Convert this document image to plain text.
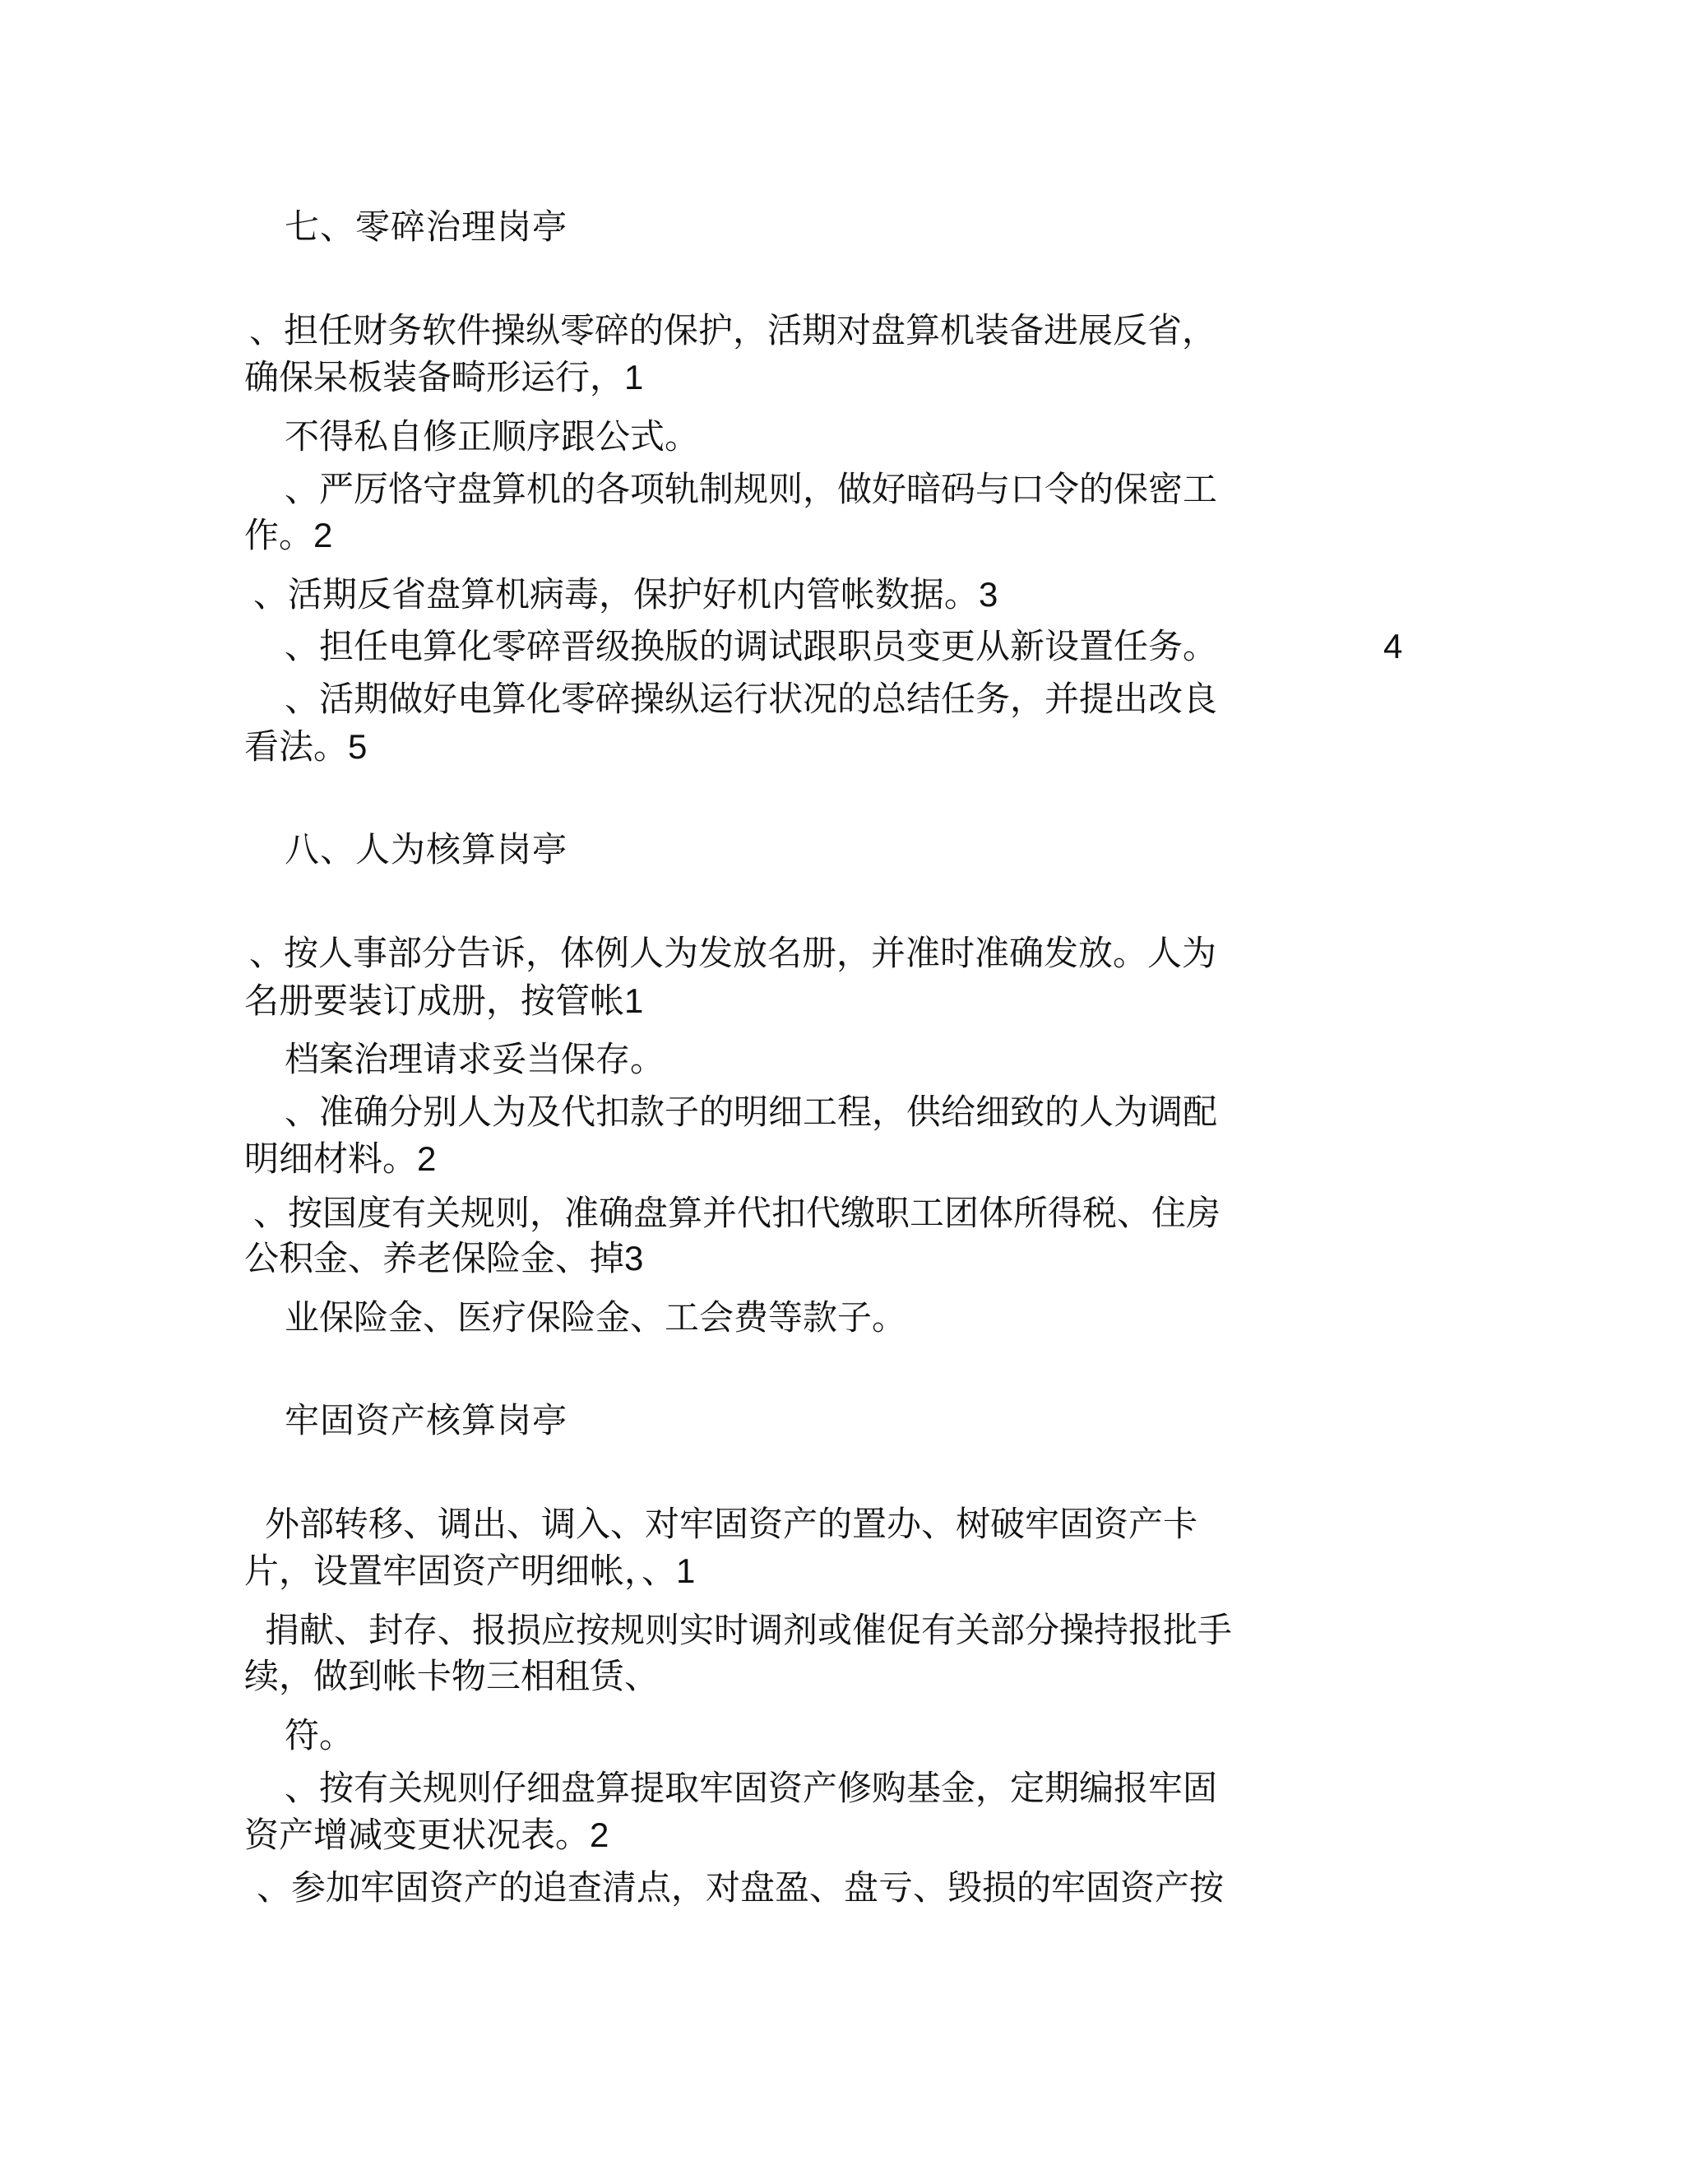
七、零碎治理岗亭
、担任财务软件操纵零碎的保护，活期对盘算机装备进展反省，
确保呆板装备畸形运行，1
不得私自修正顺序跟公式。
、严厉恪守盘算机的各项轨制规则，做好暗码与口令的保密工
作。2
、活期反省盘算机病毒，保护好机内管帐数据。3
、担任电算化零碎晋级换版的调试跟职员变更从新设置任务。	4
、活期做好电算化零碎操纵运行状况的总结任务，并提出改良
看法。5
八、人为核算岗亭
、按人事部分告诉，体例人为发放名册，并准时准确发放。人为
名册要装订成册，按管帐1
档案治理请求妥当保存。
、准确分别人为及代扣款子的明细工程，供给细致的人为调配
明细材料。2
、按国度有关规则，准确盘算并代扣代缴职工团体所得税、住房
公积金、养老保险金、掉3
业保险金、医疗保险金、工会费等款子。
牢固资产核算岗亭
外部转移、调出、调入、对牢固资产的置办、树破牢固资产卡
片，设置牢固资产明细帐，、1
捐献、封存、报损应按规则实时调剂或催促有关部分操持报批手
续，做到帐卡物三相租赁、
符。
、按有关规则仔细盘算提取牢固资产修购基金，定期编报牢固
资产增减变更状况表。2
、参加牢固资产的追查清点，对盘盈、盘亏、毁损的牢固资产按
